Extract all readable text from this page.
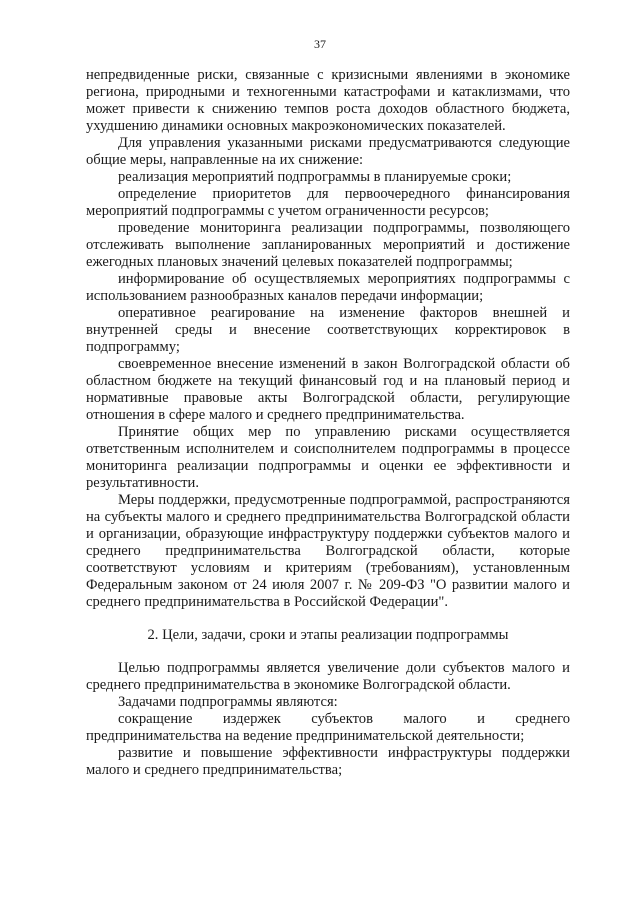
37

непредвиденные риски, связанные с кризисными явлениями в экономике региона, природными и техногенными катастрофами и катаклизмами, что может привести к снижению темпов роста доходов областного бюджета, ухудшению динамики основных макроэкономических показателей.

Для управления указанными рисками предусматриваются следующие общие меры, направленные на их снижение:

реализация мероприятий подпрограммы в планируемые сроки;

определение приоритетов для первоочередного финансирования мероприятий подпрограммы с учетом ограниченности ресурсов;

проведение мониторинга реализации подпрограммы, позволяющего отслеживать выполнение запланированных мероприятий и достижение ежегодных плановых значений целевых показателей подпрограммы;

информирование об осуществляемых мероприятиях подпрограммы с использованием разнообразных каналов передачи информации;

оперативное реагирование на изменение факторов внешней и внутренней среды и внесение соответствующих корректировок в подпрограмму;

своевременное внесение изменений в закон Волгоградской области об областном бюджете на текущий финансовый год и на плановый период и нормативные правовые акты Волгоградской области, регулирующие отношения в сфере малого и среднего предпринимательства.

Принятие общих мер по управлению рисками осуществляется ответственным исполнителем и соисполнителем подпрограммы в процессе мониторинга реализации подпрограммы и оценки ее эффективности и результативности.

Меры поддержки, предусмотренные подпрограммой, распространяются на субъекты малого и среднего предпринимательства Волгоградской области и организации, образующие инфраструктуру поддержки субъектов малого и среднего предпринимательства Волгоградской области, которые соответствуют условиям и критериям (требованиям), установленным Федеральным законом от 24 июля 2007 г. № 209-ФЗ "О развитии малого и среднего предпринимательства в Российской Федерации".

2. Цели, задачи, сроки и этапы реализации подпрограммы

Целью подпрограммы является увеличение доли субъектов малого и среднего предпринимательства в экономике Волгоградской области.

Задачами подпрограммы являются:

сокращение издержек субъектов малого и среднего предпринимательства на ведение предпринимательской деятельности;

развитие и повышение эффективности инфраструктуры поддержки малого и среднего предпринимательства;
